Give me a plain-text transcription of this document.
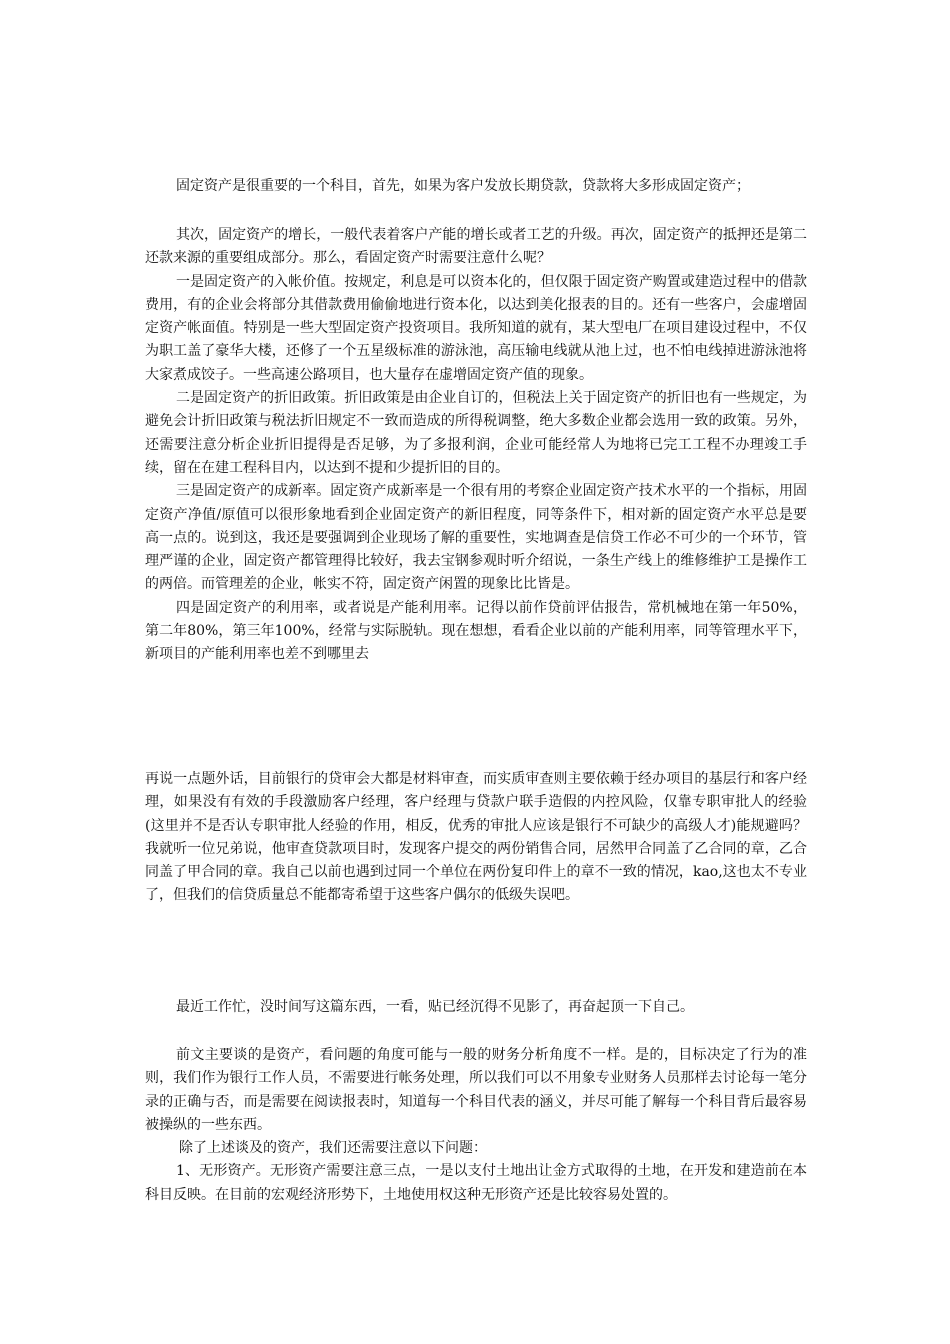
固定资产是很重要的一个科目，首先，如果为客户发放长期贷款，贷款将大多形成固定资产；

其次，固定资产的增长，一般代表着客户产能的增长或者工艺的升级。再次，固定资产的抵押还是第二还款来源的重要组成部分。那么，看固定资产时需要注意什么呢？

一是固定资产的入帐价值。按规定，利息是可以资本化的，但仅限于固定资产购置或建造过程中的借款费用，有的企业会将部分其借款费用偷偷地进行资本化，以达到美化报表的目的。还有一些客户，会虚增固定资产帐面值。特别是一些大型固定资产投资项目。我所知道的就有，某大型电厂在项目建设过程中，不仅为职工盖了豪华大楼，还修了一个五星级标准的游泳池，高压输电线就从池上过，也不怕电线掉进游泳池将大家煮成饺子。一些高速公路项目，也大量存在虚增固定资产值的现象。

二是固定资产的折旧政策。折旧政策是由企业自订的，但税法上关于固定资产的折旧也有一些规定，为避免会计折旧政策与税法折旧规定不一致而造成的所得税调整，绝大多数企业都会选用一致的政策。另外，还需要注意分析企业折旧提得是否足够，为了多报利润，企业可能经常人为地将已完工工程不办理竣工手续，留在在建工程科目内，以达到不提和少提折旧的目的。

三是固定资产的成新率。固定资产成新率是一个很有用的考察企业固定资产技术水平的一个指标，用固定资产净值/原值可以很形象地看到企业固定资产的新旧程度，同等条件下，相对新的固定资产水平总是要高一点的。说到这，我还是要强调到企业现场了解的重要性，实地调查是信贷工作必不可少的一个环节，管理严谨的企业，固定资产都管理得比较好，我去宝钢参观时听介绍说，一条生产线上的维修维护工是操作工的两倍。而管理差的企业，帐实不符，固定资产闲置的现象比比皆是。

四是固定资产的利用率，或者说是产能利用率。记得以前作贷前评估报告，常机械地在第一年50%，第二年80%，第三年100%，经常与实际脱轨。现在想想，看看企业以前的产能利用率，同等管理水平下，新项目的产能利用率也差不到哪里去

再说一点题外话，目前银行的贷审会大都是材料审查，而实质审查则主要依赖于经办项目的基层行和客户经理，如果没有有效的手段激励客户经理，客户经理与贷款户联手造假的内控风险，仅靠专职审批人的经验(这里并不是否认专职审批人经验的作用，相反，优秀的审批人应该是银行不可缺少的高级人才)能规避吗？我就听一位兄弟说，他审查贷款项目时，发现客户提交的两份销售合同，居然甲合同盖了乙合同的章，乙合同盖了甲合同的章。我自己以前也遇到过同一个单位在两份复印件上的章不一致的情况，kao,这也太不专业了，但我们的信贷质量总不能都寄希望于这些客户偶尔的低级失误吧。

最近工作忙，没时间写这篇东西，一看，贴已经沉得不见影了，再奋起顶一下自己。

前文主要谈的是资产，看问题的角度可能与一般的财务分析角度不一样。是的，目标决定了行为的准则，我们作为银行工作人员，不需要进行帐务处理，所以我们可以不用象专业财务人员那样去讨论每一笔分录的正确与否，而是需要在阅读报表时，知道每一个科目代表的涵义，并尽可能了解每一个科目背后最容易被操纵的一些东西。

除了上述谈及的资产，我们还需要注意以下问题：

1、无形资产。无形资产需要注意三点，一是以支付土地出让金方式取得的土地，在开发和建造前在本科目反映。在目前的宏观经济形势下，土地使用权这种无形资产还是比较容易处置的。
